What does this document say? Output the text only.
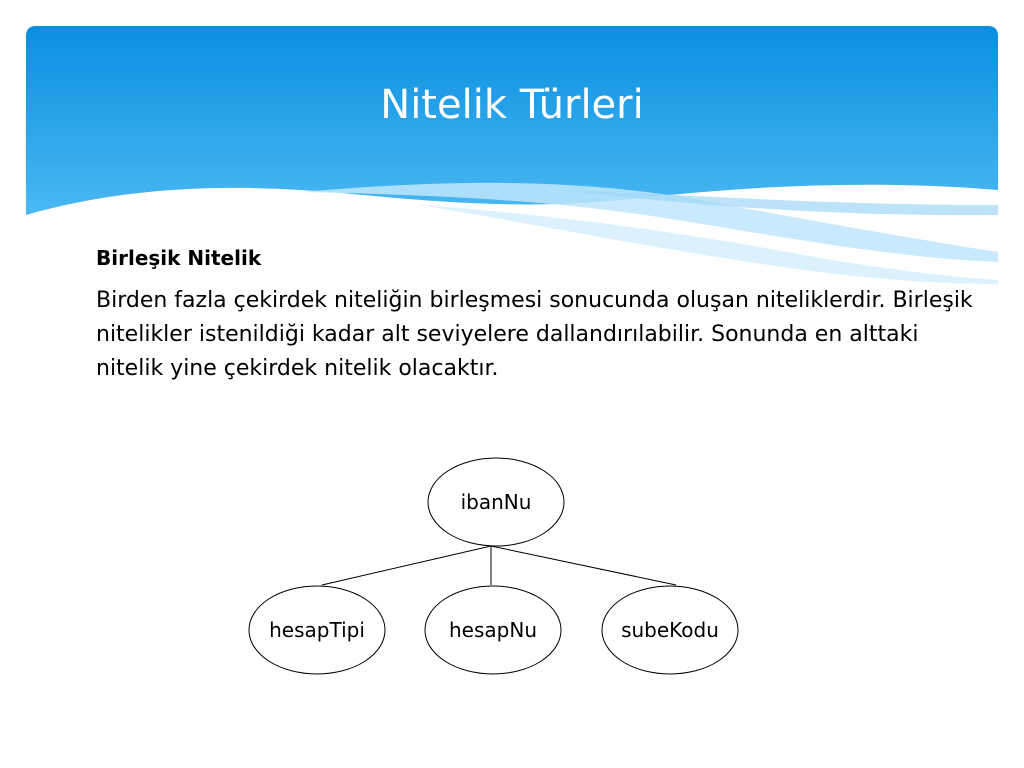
Nitelik Türleri

Birleşik Nitelik

Birden fazla çekirdek niteliğin birleşmesi sonucunda oluşan niteliklerdir. Birleşik nitelikler istenildiği kadar alt seviyelere dallandırılabilir. Sonunda en alttaki nitelik yine çekirdek nitelik olacaktır.

ibanNu
hesapTipi	hesapNu	subeKodu
